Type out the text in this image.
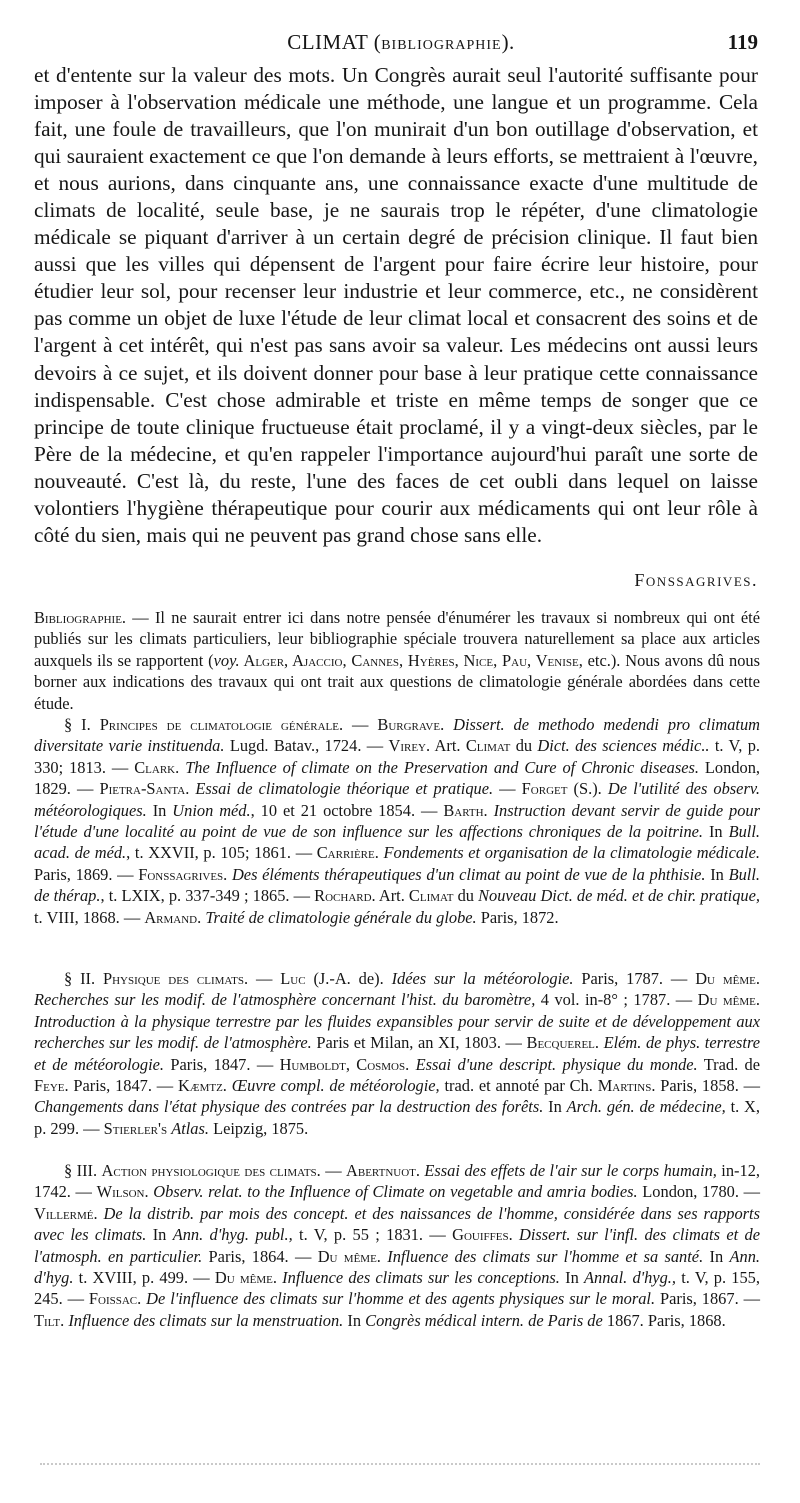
CLIMAT (BIBLIOGRAPHIE).	119

et d'entente sur la valeur des mots. Un Congrès aurait seul l'autorité suffisante pour imposer à l'observation médicale une méthode, une langue et un programme. Cela fait, une foule de travailleurs, que l'on munirait d'un bon outillage d'observation, et qui sauraient exactement ce que l'on demande à leurs efforts, se mettraient à l'œuvre, et nous aurions, dans cinquante ans, une connaissance exacte d'une multitude de climats de localité, seule base, je ne saurais trop le répéter, d'une climatologie médicale se piquant d'arriver à un certain degré de précision clinique. Il faut bien aussi que les villes qui dépensent de l'argent pour faire écrire leur histoire, pour étudier leur sol, pour recenser leur industrie et leur commerce, etc., ne considèrent pas comme un objet de luxe l'étude de leur climat local et consacrent des soins et de l'argent à cet intérêt, qui n'est pas sans avoir sa valeur. Les médecins ont aussi leurs devoirs à ce sujet, et ils doivent donner pour base à leur pratique cette connaissance indispensable. C'est chose admirable et triste en même temps de songer que ce principe de toute clinique fructueuse était proclamé, il y a vingt-deux siècles, par le Père de la médecine, et qu'en rappeler l'importance aujourd'hui paraît une sorte de nouveauté. C'est là, du reste, l'une des faces de cet oubli dans lequel on laisse volontiers l'hygiène thérapeutique pour courir aux médicaments qui ont leur rôle à côté du sien, mais qui ne peuvent pas grand chose sans elle.

Fonssagrives.
Bibliographie. — Il ne saurait entrer ici dans notre pensée d'énumérer les travaux si nombreux qui ont été publiés sur les climats particuliers, leur bibliographie spéciale trouvera naturellement sa place aux articles auxquels ils se rapportent (voy. Alger, Ajaccio, Cannes, Hyères, Nice, Pau, Venise, etc.). Nous avons dû nous borner aux indications des travaux qui ont trait aux questions de climatologie générale abordées dans cette étude.
§ I. Principes de climatologie générale. — Burgrave. Dissert. de methodo medendi pro climatum diversitate varie instituenda. Lugd. Batav., 1724. — Virey. Art. Climat du Dict. des sciences médic.. t. V, p. 330; 1813. — Clark. The Influence of climate on the Preservation and Cure of Chronic diseases. London, 1829. — Pietra-Santa. Essai de climatologie théorique et pratique. — Forget (S.). De l'utilité des observ. météorologiques. In Union méd., 10 et 21 octobre 1854. — Barth. Instruction devant servir de guide pour l'étude d'une localité au point de vue de son influence sur les affections chroniques de la poitrine. In Bull. acad. de méd., t. XXVII, p. 105; 1861. — Carrière. Fondements et organisation de la climatologie médicale. Paris, 1869. — Fonssagrives. Des éléments thérapeutiques d'un climat au point de vue de la phthisie. In Bull. de thérap., t. LXIX, p. 337-349 ; 1865. — Rochard. Art. Climat du Nouveau Dict. de méd. et de chir. pratique, t. VIII, 1868. — Armand. Traité de climatologie générale du globe. Paris, 1872.
§ II. Physique des climats. — Luc (J.-A. de). Idées sur la météorologie. Paris, 1787. — Du même. Recherches sur les modif. de l'atmosphère concernant l'hist. du baromètre, 4 vol. in-8° ; 1787. — Du même. Introduction à la physique terrestre par les fluides expansibles pour servir de suite et de développement aux recherches sur les modif. de l'atmosphère. Paris et Milan, an XI, 1803. — Becquerel. Elém. de phys. terrestre et de météorologie. Paris, 1847. — Humboldt, Cosmos. Essai d'une descript. physique du monde. Trad. de Feye. Paris, 1847. — Kæmtz. Œuvre compl. de météorologie, trad. et annoté par Ch. Martins. Paris, 1858. — Changements dans l'état physique des contrées par la destruction des forêts. In Arch. gén. de médecine, t. X, p. 299. — Stierler's Atlas. Leipzig, 1875.
§ III. Action physiologique des climats. — Abertnuot. Essai des effets de l'air sur le corps humain, in-12, 1742. — Wilson. Observ. relat. to the Influence of Climate on vegetable and amria bodies. London, 1780. — Villermé. De la distrib. par mois des concept. et des naissances de l'homme, considérée dans ses rapports avec les climats. In Ann. d'hyg. publ., t. V, p. 55 ; 1831. — Gouiffes. Dissert. sur l'infl. des climats et de l'atmosph. en particulier. Paris, 1864. — Du même. Influence des climats sur l'homme et sa santé. In Ann. d'hyg. t. XVIII, p. 499. — Du même. Influence des climats sur les conceptions. In Annal. d'hyg., t. V, p. 155, 245. — Foissac. De l'influence des climats sur l'homme et des agents physiques sur le moral. Paris, 1867. — Tilt. Influence des climats sur la menstruation. In Congrès médical intern. de Paris de 1867. Paris, 1868.
